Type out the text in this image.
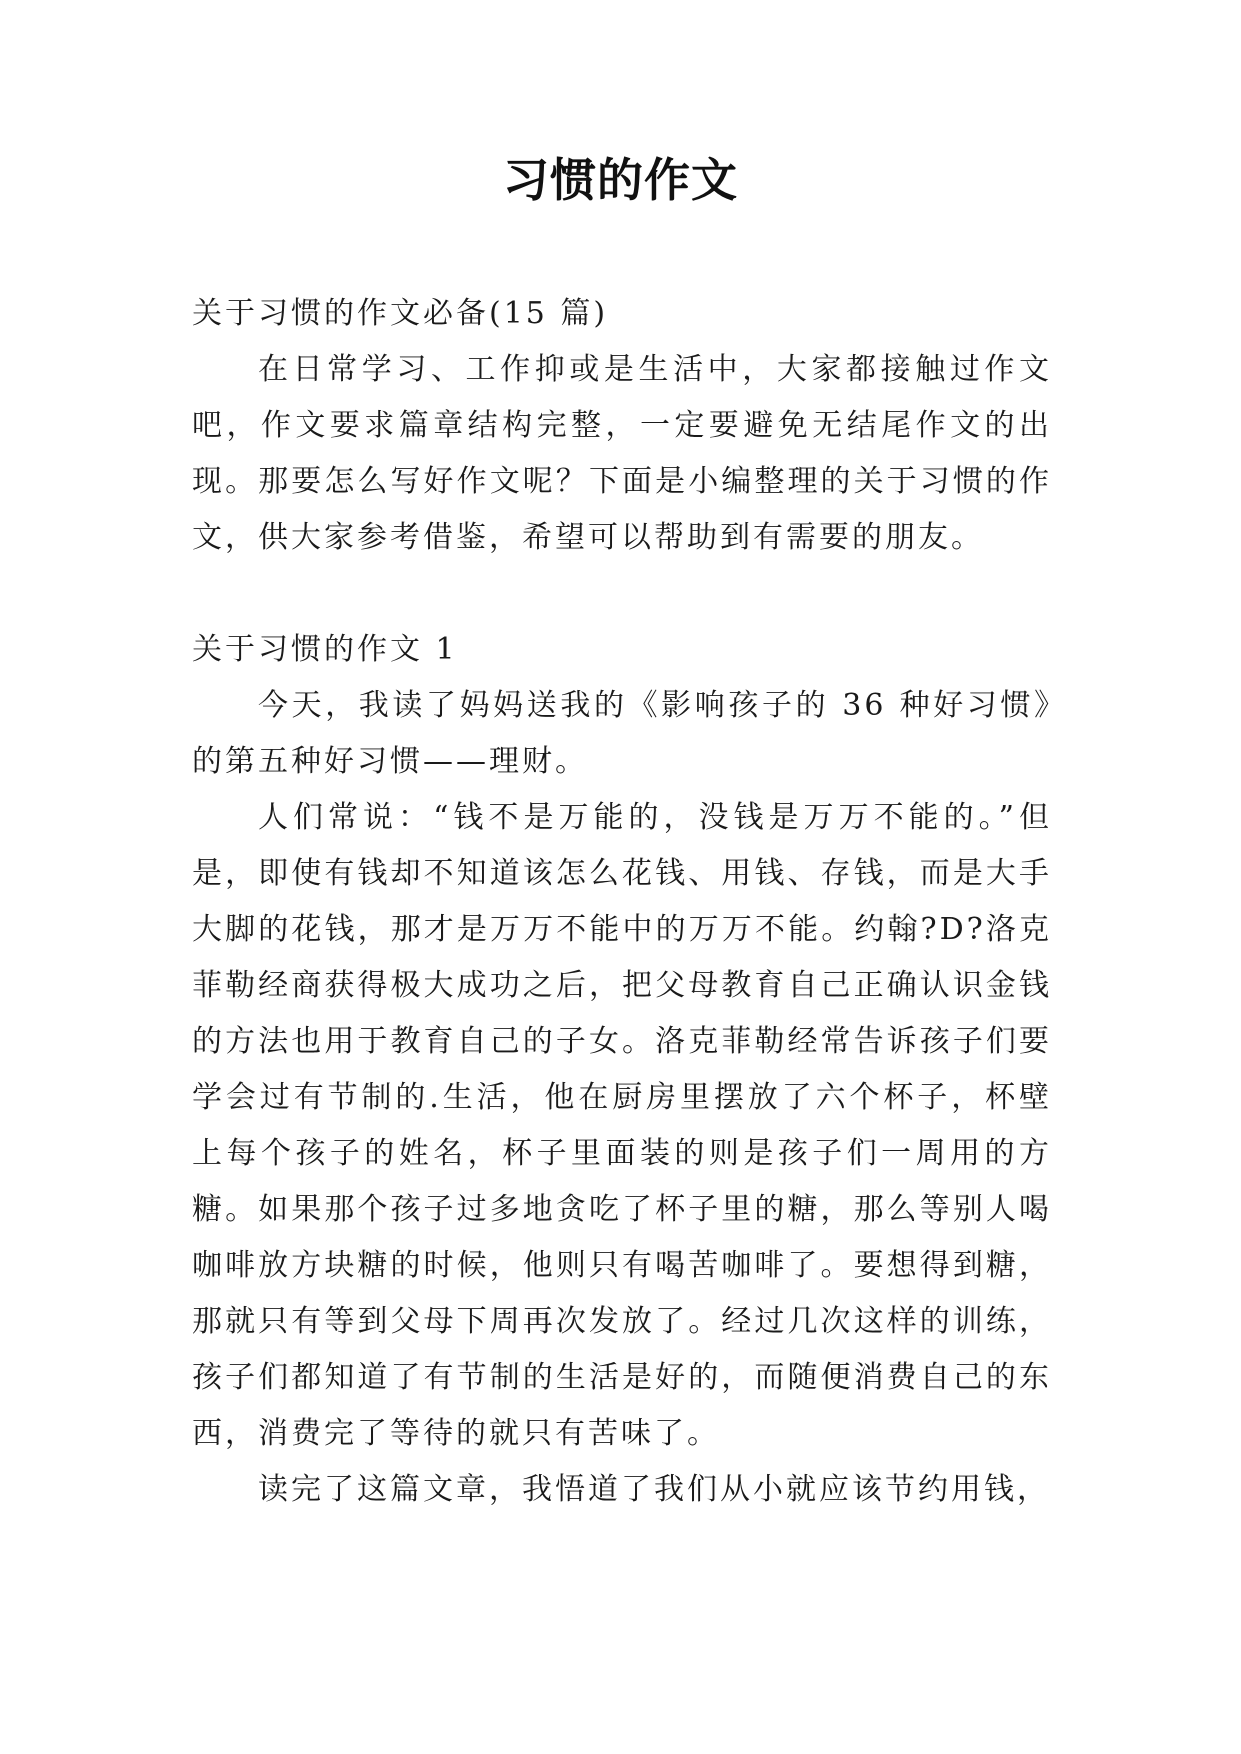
习惯的作文

关于习惯的作文必备(15 篇)

在日常学习、工作抑或是生活中，大家都接触过作文吧，作文要求篇章结构完整，一定要避免无结尾作文的出现。那要怎么写好作文呢？下面是小编整理的关于习惯的作文，供大家参考借鉴，希望可以帮助到有需要的朋友。

关于习惯的作文 1

今天，我读了妈妈送我的《影响孩子的 36 种好习惯》的第五种好习惯——理财。

人们常说：“钱不是万能的，没钱是万万不能的。”但是，即使有钱却不知道该怎么花钱、用钱、存钱，而是大手大脚的花钱，那才是万万不能中的万万不能。约翰?D?洛克菲勒经商获得极大成功之后，把父母教育自己正确认识金钱的方法也用于教育自己的子女。洛克菲勒经常告诉孩子们要学会过有节制的.生活，他在厨房里摆放了六个杯子，杯壁上每个孩子的姓名，杯子里面装的则是孩子们一周用的方糖。如果那个孩子过多地贪吃了杯子里的糖，那么等别人喝咖啡放方块糖的时候，他则只有喝苦咖啡了。要想得到糖，那就只有等到父母下周再次发放了。经过几次这样的训练，孩子们都知道了有节制的生活是好的，而随便消费自己的东西，消费完了等待的就只有苦味了。

读完了这篇文章，我悟道了我们从小就应该节约用钱，
